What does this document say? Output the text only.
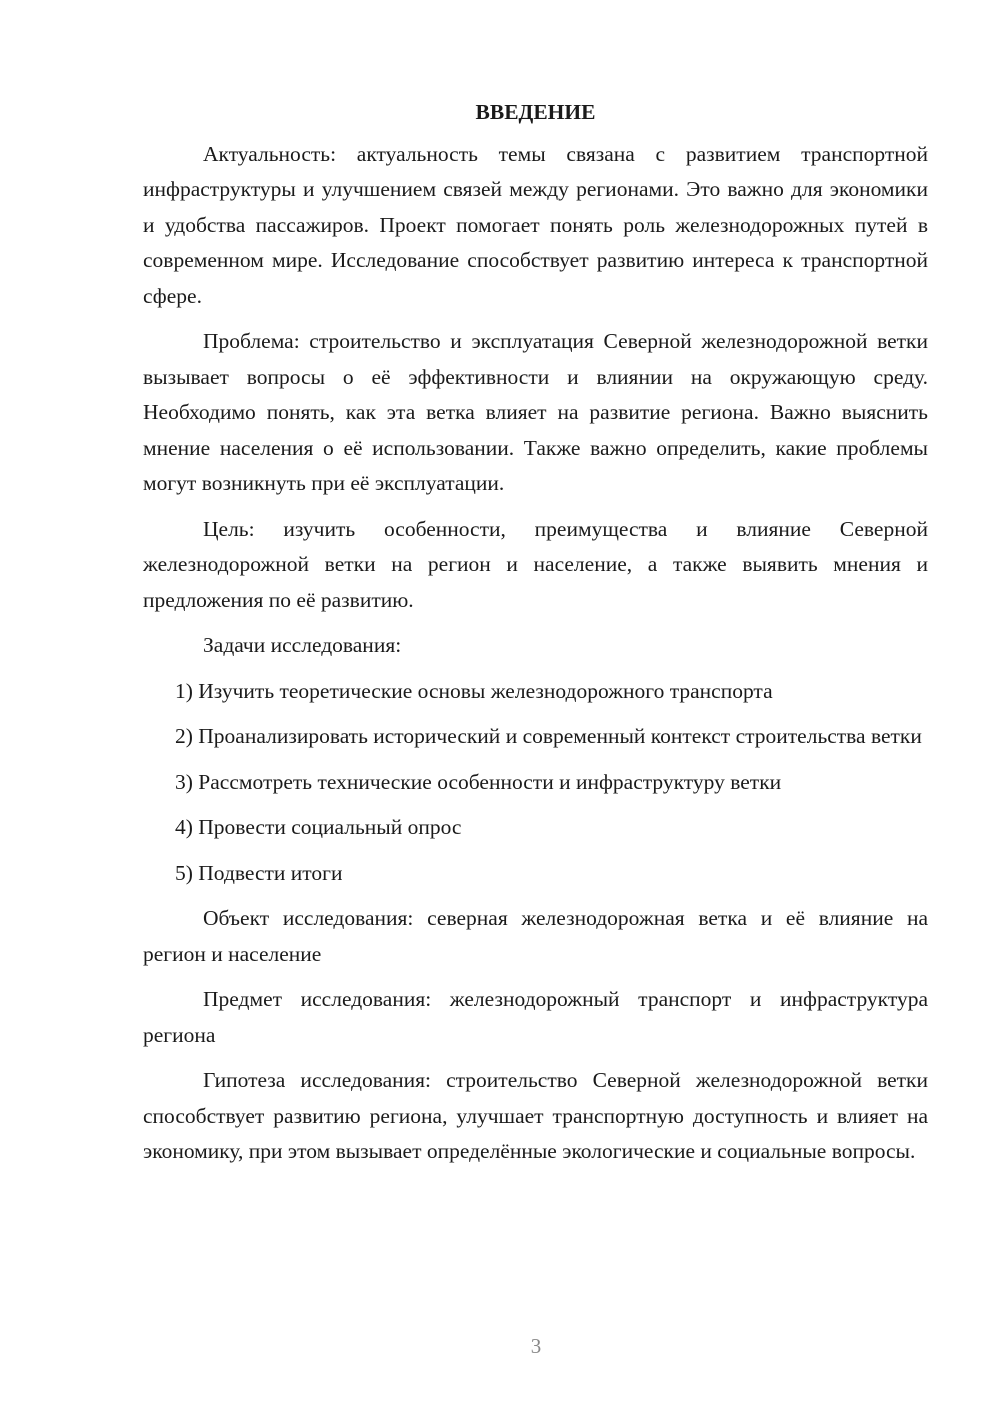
ВВЕДЕНИЕ

Актуальность: актуальность темы связана с развитием транспортной инфраструктуры и улучшением связей между регионами. Это важно для экономики и удобства пассажиров. Проект помогает понять роль железнодорожных путей в современном мире. Исследование способствует развитию интереса к транспортной сфере.

Проблема: строительство и эксплуатация Северной железнодорожной ветки вызывает вопросы о её эффективности и влиянии на окружающую среду. Необходимо понять, как эта ветка влияет на развитие региона. Важно выяснить мнение населения о её использовании. Также важно определить, какие проблемы могут возникнуть при её эксплуатации.

Цель: изучить особенности, преимущества и влияние Северной железнодорожной ветки на регион и население, а также выявить мнения и предложения по её развитию.

Задачи исследования:

1) Изучить теоретические основы железнодорожного транспорта

2) Проанализировать исторический и современный контекст строительства ветки

3) Рассмотреть технические особенности и инфраструктуру ветки

4) Провести социальный опрос

5) Подвести итоги

Объект исследования: северная железнодорожная ветка и её влияние на регион и население

Предмет исследования: железнодорожный транспорт и инфраструктура региона

Гипотеза исследования: строительство Северной железнодорожной ветки способствует развитию региона, улучшает транспортную доступность и влияет на экономику, при этом вызывает определённые экологические и социальные вопросы.

3
